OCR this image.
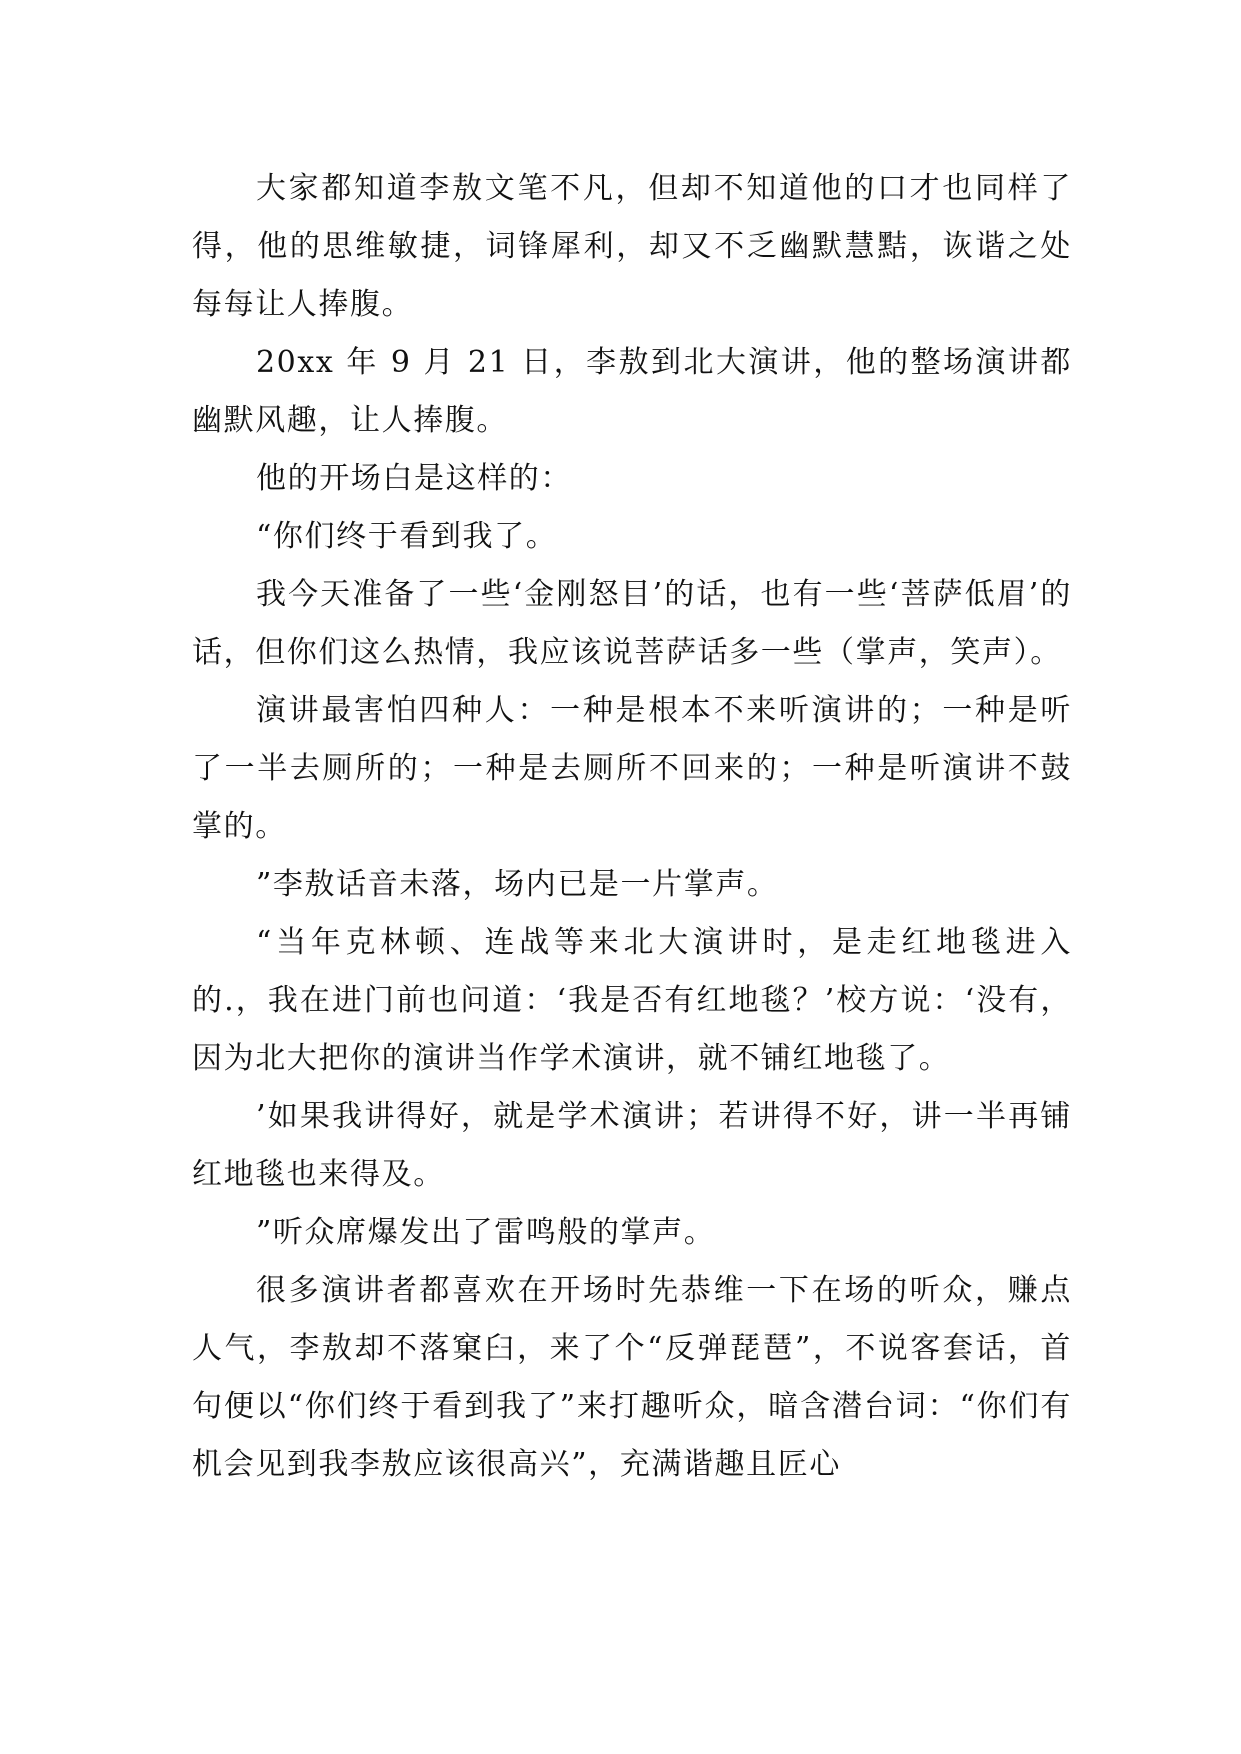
大家都知道李敖文笔不凡，但却不知道他的口才也同样了得，他的思维敏捷，词锋犀利，却又不乏幽默慧黠，诙谐之处每每让人捧腹。

20xx 年 9 月 21 日，李敖到北大演讲，他的整场演讲都幽默风趣，让人捧腹。

他的开场白是这样的：

“你们终于看到我了。

我今天准备了一些‘金刚怒目’的话，也有一些‘菩萨低眉’的话，但你们这么热情，我应该说菩萨话多一些（掌声，笑声）。

演讲最害怕四种人：一种是根本不来听演讲的；一种是听了一半去厕所的；一种是去厕所不回来的；一种是听演讲不鼓掌的。

”李敖话音未落，场内已是一片掌声。

“当年克林顿、连战等来北大演讲时，是走红地毯进入的.，我在进门前也问道：‘我是否有红地毯？’校方说：‘没有，因为北大把你的演讲当作学术演讲，就不铺红地毯了。

’如果我讲得好，就是学术演讲；若讲得不好，讲一半再铺红地毯也来得及。

”听众席爆发出了雷鸣般的掌声。

很多演讲者都喜欢在开场时先恭维一下在场的听众，赚点人气，李敖却不落窠臼，来了个“反弹琵琶”，不说客套话，首句便以“你们终于看到我了”来打趣听众，暗含潜台词：“你们有机会见到我李敖应该很高兴”，充满谐趣且匠心
